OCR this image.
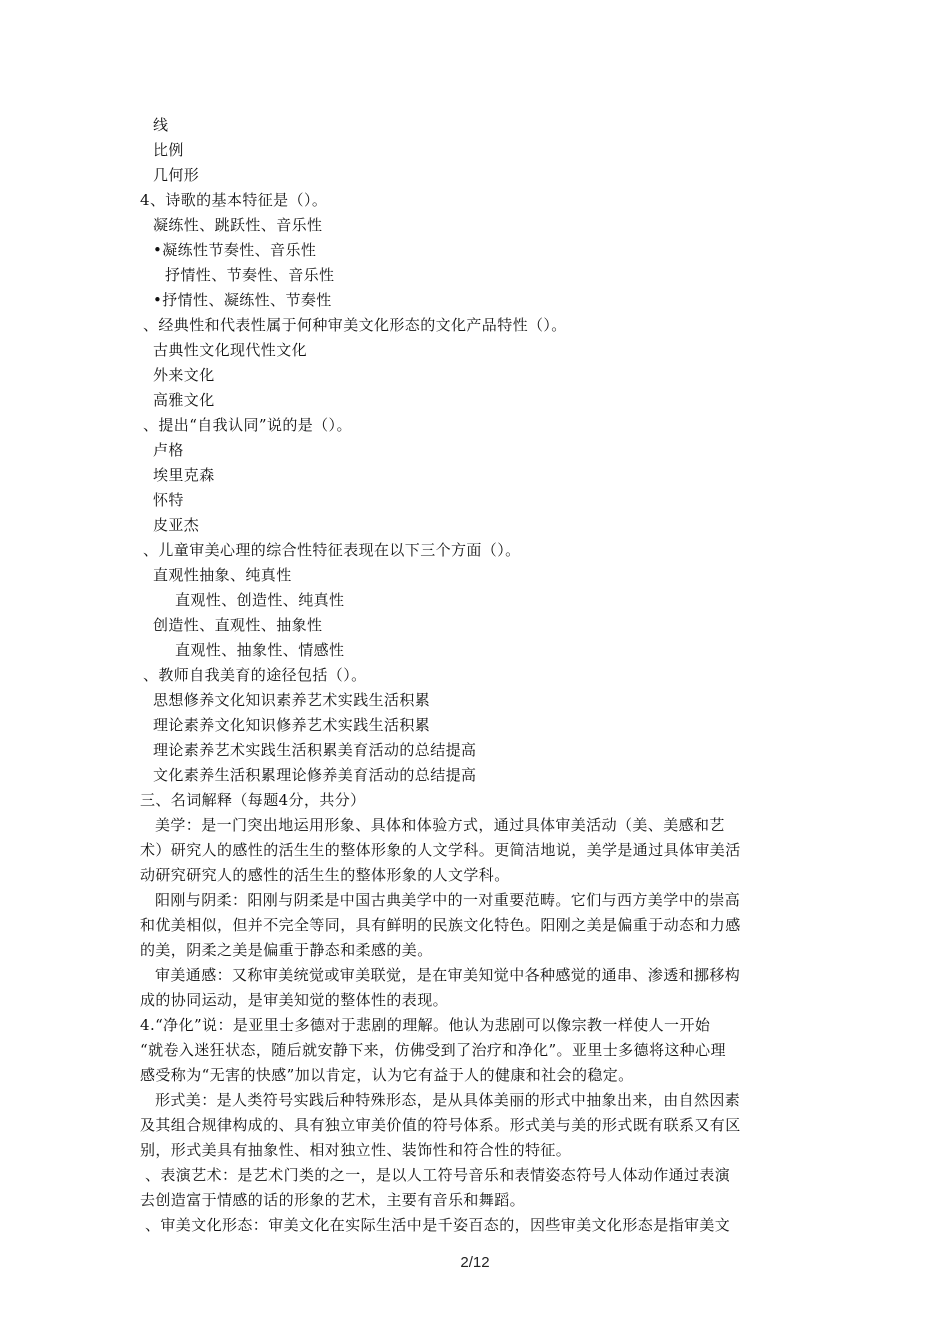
线
比例
几何形
4、诗歌的基本特征是（）。
凝练性、跳跃性、音乐性
•凝练性节奏性、音乐性
抒情性、节奏性、音乐性
•抒情性、凝练性、节奏性
、经典性和代表性属于何种审美文化形态的文化产品特性（）。
古典性文化现代性文化
外来文化
高雅文化
、提出“自我认同”说的是（）。
卢格
埃里克森
怀特
皮亚杰
、儿童审美心理的综合性特征表现在以下三个方面（）。
直观性抽象、纯真性
直观性、创造性、纯真性
创造性、直观性、抽象性
直观性、抽象性、情感性
、教师自我美育的途径包括（）。
思想修养文化知识素养艺术实践生活积累
理论素养文化知识修养艺术实践生活积累
理论素养艺术实践生活积累美育活动的总结提高
文化素养生活积累理论修养美育活动的总结提高
三、名词解释（每题4分，共分）
美学：是一门突出地运用形象、具体和体验方式，通过具体审美活动（美、美感和艺
术）研究人的感性的活生生的整体形象的人文学科。更简洁地说，美学是通过具体审美活
动研究研究人的感性的活生生的整体形象的人文学科。
阳刚与阴柔：阳刚与阴柔是中国古典美学中的一对重要范畴。它们与西方美学中的崇高
和优美相似，但并不完全等同，具有鲜明的民族文化特色。阳刚之美是偏重于动态和力感
的美，阴柔之美是偏重于静态和柔感的美。
审美通感：又称审美统觉或审美联觉，是在审美知觉中各种感觉的通串、渗透和挪移构
成的协同运动，是审美知觉的整体性的表现。
4.“净化”说：是亚里士多德对于悲剧的理解。他认为悲剧可以像宗教一样使人一开始
“就卷入迷狂状态，随后就安静下来，仿佛受到了治疗和净化”。亚里士多德将这种心理
感受称为“无害的快感”加以肯定，认为它有益于人的健康和社会的稳定。
形式美：是人类符号实践后种特殊形态，是从具体美丽的形式中抽象出来，由自然因素
及其组合规律构成的、具有独立审美价值的符号体系。形式美与美的形式既有联系又有区
别，形式美具有抽象性、相对独立性、装饰性和符合性的特征。
、表演艺术：是艺术门类的之一，是以人工符号音乐和表情姿态符号人体动作通过表演
去创造富于情感的话的形象的艺术，主要有音乐和舞蹈。
、审美文化形态：审美文化在实际生活中是千姿百态的，因些审美文化形态是指审美文
2/12
